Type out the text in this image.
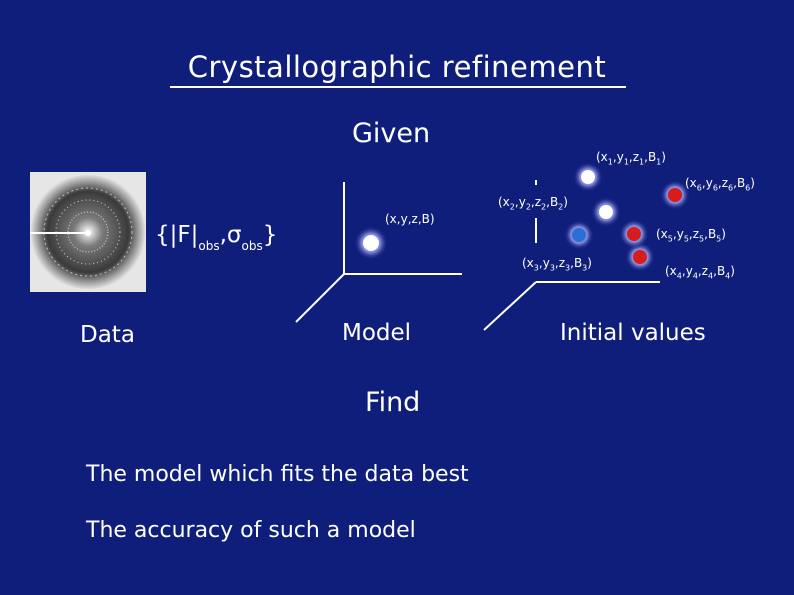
Crystallographic refinement
Given
$\{|F|_{obs},\sigma_{obs}\}$
Data
(x,y,z,B)
Model
$(x_1,y_1,z_1,B_1)$
$(x_6,y_6,z_6,B_6)$
$(x_2,y_2,z_2,B_2)$
$(x_5,y_5,z_5,B_5)$
$(x_3,y_3,z_3,B_3)$
$(x_4,y_4,z_4,B_4)$
Initial values
Find
The model which fits the data best
The accuracy of such a model
